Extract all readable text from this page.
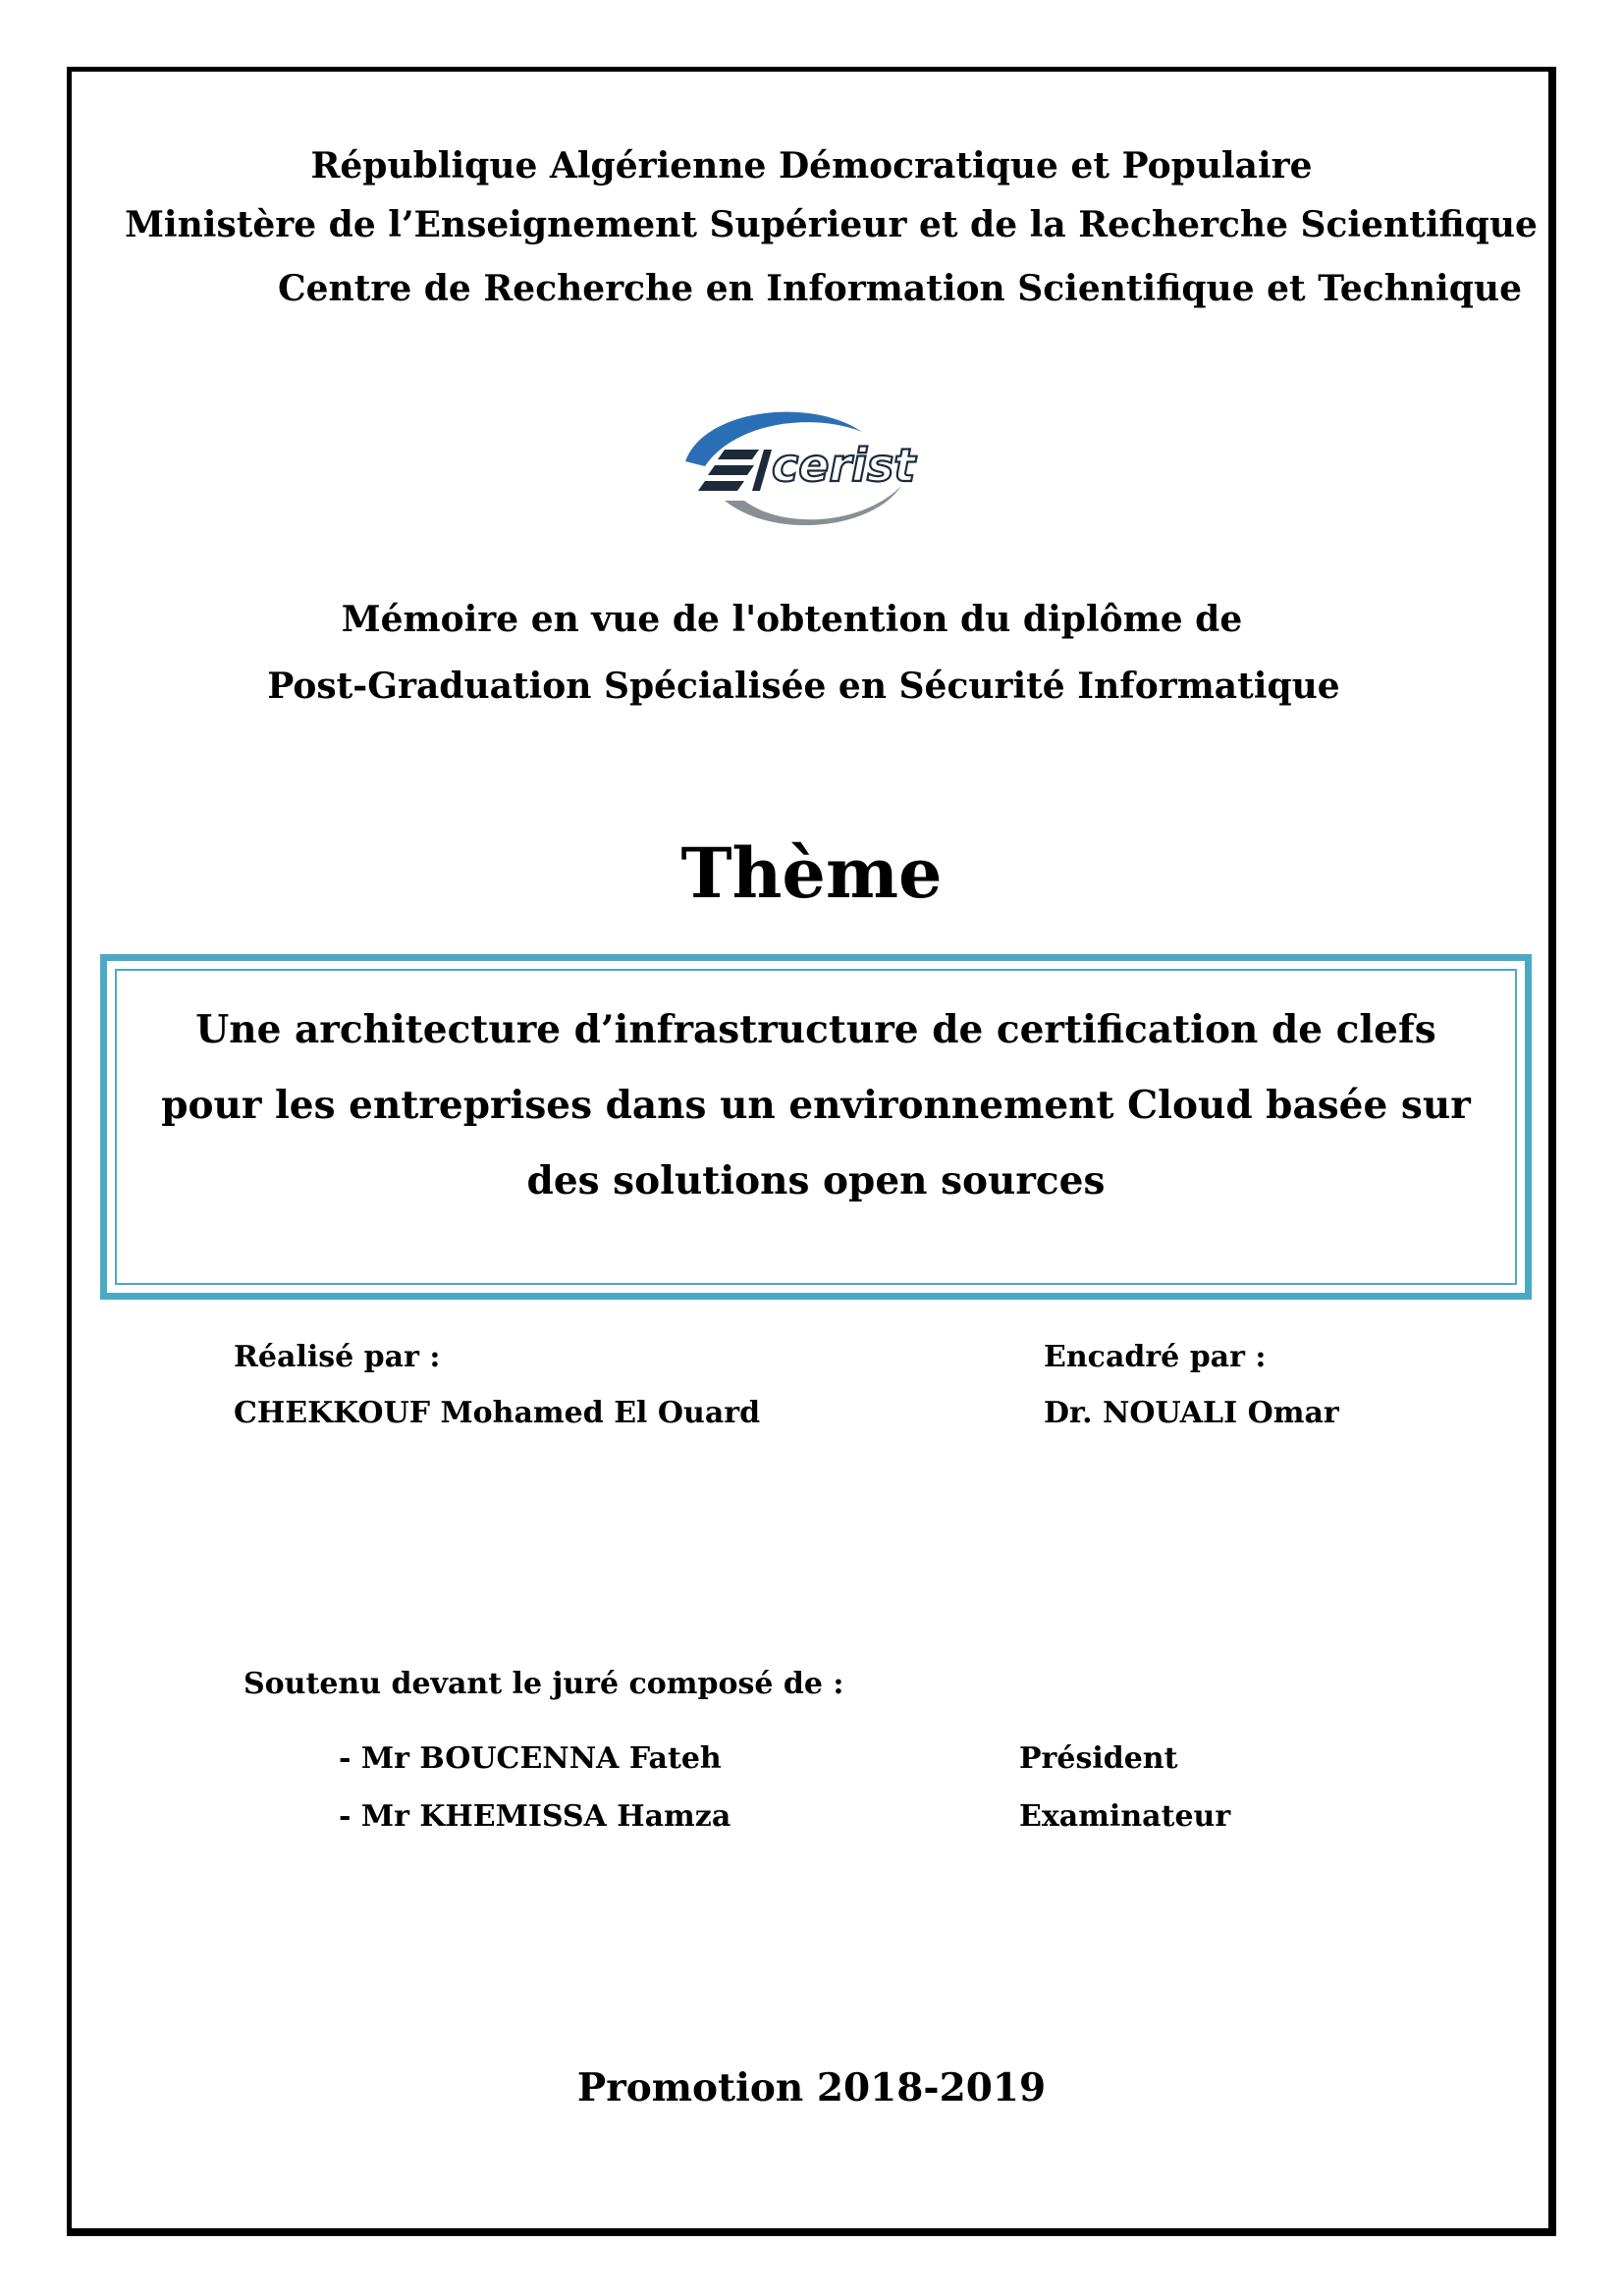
République Algérienne Démocratique et Populaire
Ministère de l’Enseignement Supérieur et de la Recherche Scientifique
Centre de Recherche en Information Scientifique et Technique
cerist
Mémoire en vue de l'obtention du diplôme de
Post-Graduation Spécialisée en Sécurité Informatique
Thème
Une architecture d’infrastructure de certification de clefs
pour les entreprises dans un environnement Cloud basée sur
des solutions open sources
Réalisé par :
CHEKKOUF Mohamed El Ouard
Encadré par :
Dr. NOUALI Omar
Soutenu devant le juré composé de :
- Mr BOUCENNA Fateh	Président
- Mr KHEMISSA Hamza	Examinateur
Promotion 2018-2019
